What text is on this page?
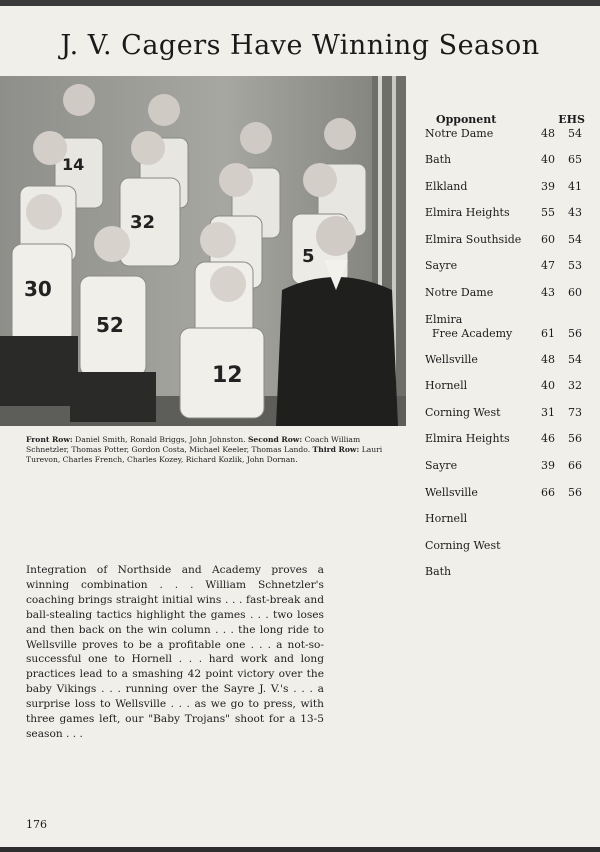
J. V. Cagers Have Winning Season
14
32
30
52
12
5
Front Row: Daniel Smith, Ronald Briggs, John Johnston. Second Row: Coach William Schnetzler, Thomas Potter, Gordon Costa, Michael Keeler, Thomas Lando. Third Row: Lauri Turevon, Charles French, Charles Kozey, Richard Kozlik, John Dornan.
Opponent	EHS
Notre Dame	48	54
Bath	40	65
Elkland	39	41
Elmira Heights	55	43
Elmira Southside	60	54
Sayre	47	53
Notre Dame	43	60
Elmira
Free Academy	61	56
Wellsville	48	54
Hornell	40	32
Corning West	31	73
Elmira Heights	46	56
Sayre	39	66
Wellsville	66	56
Hornell
Corning West
Bath

Integration of Northside and Academy proves a winning combination . . . William Schnetzler's coaching brings straight initial wins . . . fast-break and ball-stealing tactics highlight the games . . . two loses and then back on the win column . . . the long ride to Wellsville proves to be a profitable one . . . a not-so-successful one to Hornell . . . hard work and long practices lead to a smashing 42 point victory over the baby Vikings . . . running over the Sayre J. V.'s . . . a surprise loss to Wellsville . . . as we go to press, with three games left, our "Baby Trojans" shoot for a 13-5 season . . .

176
